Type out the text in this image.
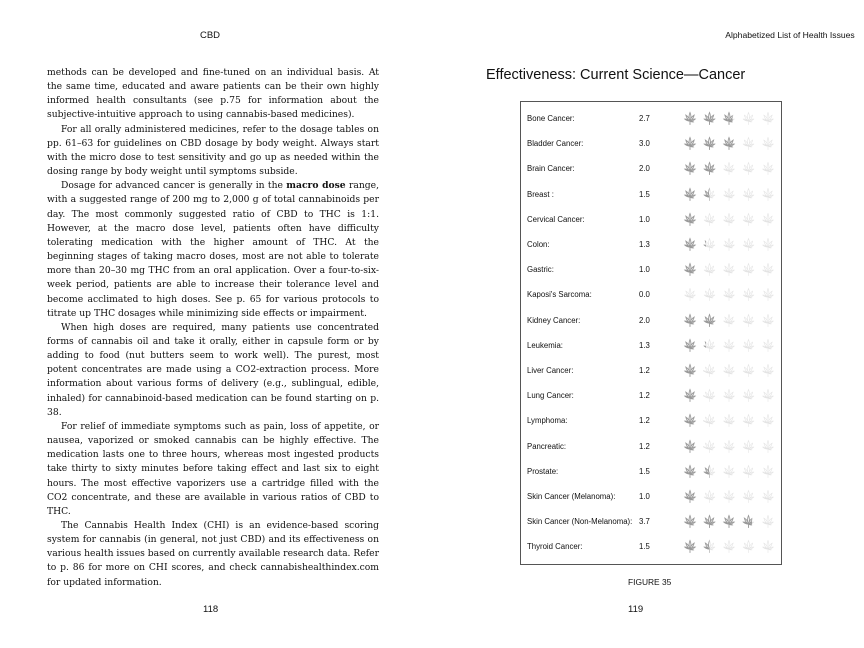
CBD

methods can be developed and fine-tuned on an individual basis. At the same time, educated and aware patients can be their own highly informed health consultants (see p.75 for information about the subjective-intuitive approach to using cannabis-based medicines).

For all orally administered medicines, refer to the dosage tables on pp. 61–63 for guidelines on CBD dosage by body weight. Always start with the micro dose to test sensitivity and go up as needed within the dosing range by body weight until symptoms subside.

Dosage for advanced cancer is generally in the macro dose range, with a suggested range of 200 mg to 2,000 g of total cannabinoids per day. The most commonly suggested ratio of CBD to THC is 1:1. However, at the macro dose level, patients often have difficulty tolerating medication with the higher amount of THC. At the beginning stages of taking macro doses, most are not able to tolerate more than 20–30 mg THC from an oral application. Over a four-to-six-week period, patients are able to increase their tolerance level and become acclimated to high doses. See p. 65 for various protocols to titrate up THC dosages while minimizing side effects or impairment.

When high doses are required, many patients use concentrated forms of cannabis oil and take it orally, either in capsule form or by adding to food (nut butters seem to work well). The purest, most potent concentrates are made using a CO2-extraction process. More information about various forms of delivery (e.g., sublingual, edible, inhaled) for cannabinoid-based medication can be found starting on p. 38.

For relief of immediate symptoms such as pain, loss of appetite, or nausea, vaporized or smoked cannabis can be highly effective. The medication lasts one to three hours, whereas most ingested products take thirty to sixty minutes before taking effect and last six to eight hours. The most effective vaporizers use a cartridge filled with the CO2 concentrate, and these are available in various ratios of CBD to THC.

The Cannabis Health Index (CHI) is an evidence-based scoring system for cannabis (in general, not just CBD) and its effectiveness on various health issues based on currently available research data. Refer to p. 86 for more on CHI scores, and check cannabishealthindex.com for updated information.

118
Alphabetized List of Health Issues
Effectiveness: Current Science—Cancer
Bone Cancer:	2.7
Bladder Cancer:	3.0
Brain Cancer:	2.0
Breast :	1.5
Cervical Cancer:	1.0
Colon:	1.3
Gastric:	1.0
Kaposi's Sarcoma:	0.0
Kidney Cancer:	2.0
Leukemia:	1.3
Liver Cancer:	1.2
Lung Cancer:	1.2
Lymphoma:	1.2
Pancreatic:	1.2
Prostate:	1.5
Skin Cancer (Melanoma):	1.0
Skin Cancer (Non-Melanoma): 3.7
Thyroid Cancer:	1.5
FIGURE 35
119
